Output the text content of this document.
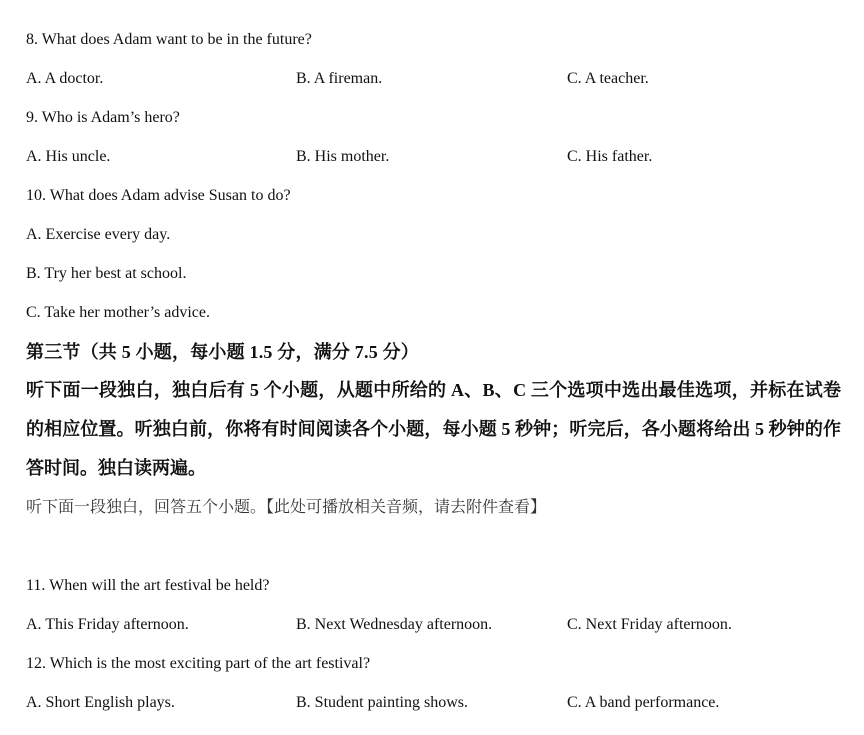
8. What does Adam want to be in the future?
A. A doctor.	B. A fireman.	C. A teacher.
9. Who is Adam’s hero?
A. His uncle.	B. His mother.	C. His father.
10. What does Adam advise Susan to do?
A. Exercise every day.
B. Try her best at school.
C. Take her mother’s advice.
第三节（共 5 小题，每小题 1.5 分，满分 7.5 分）
听下面一段独白，独白后有 5 个小题，从题中所给的 A、B、C 三个选项中选出最佳选项，并标在试卷的相应位置。听独白前，你将有时间阅读各个小题，每小题 5 秒钟；听完后，各小题将给出 5 秒钟的作答时间。独白读两遍。
听下面一段独白，回答五个小题。【此处可播放相关音频，请去附件查看】
11. When will the art festival be held?
A. This Friday afternoon.	B. Next Wednesday afternoon.	C. Next Friday afternoon.
12. Which is the most exciting part of the art festival?
A. Short English plays.	B. Student painting shows.	C. A band performance.
